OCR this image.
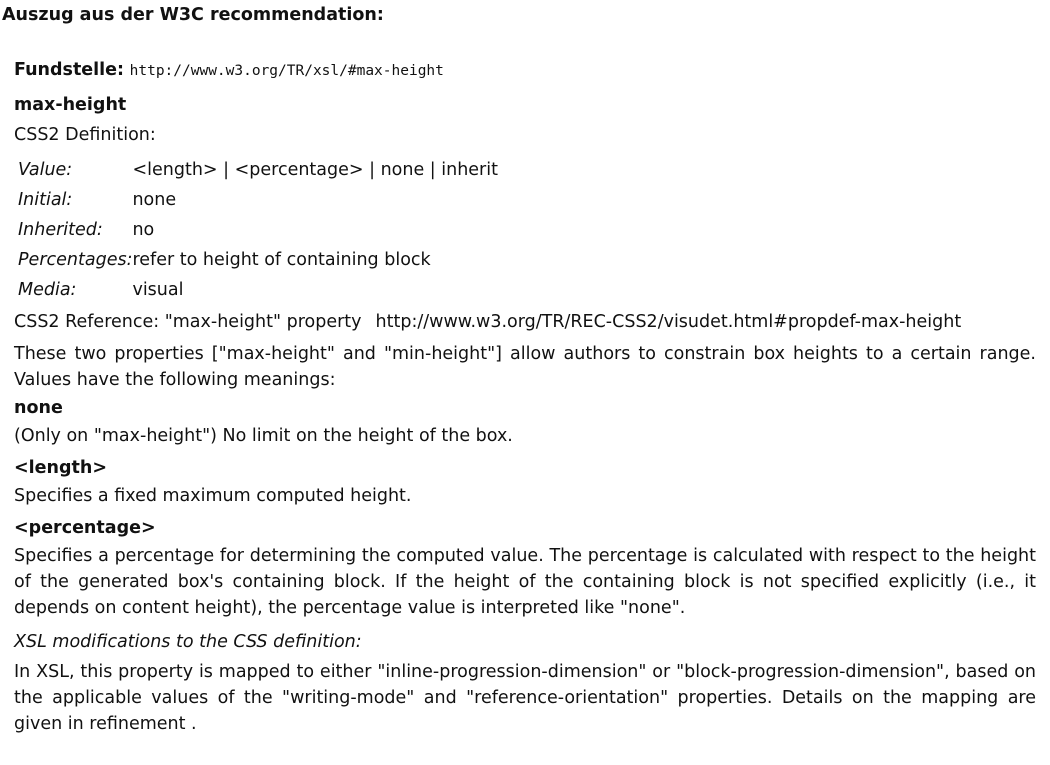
Auszug aus der W3C recommendation:
Fundstelle: http://www.w3.org/TR/xsl/#max-height
max-height
CSS2 Definition:
Value:	<length> | <percentage> | none | inherit
Initial:	none
Inherited:	no
Percentages:	refer to height of containing block
Media:	visual
CSS2 Reference: "max-height" property http://www.w3.org/TR/REC-CSS2/visudet.html#propdef-max-height
These two properties ["max-height" and "min-height"] allow authors to constrain box heights to a certain range. Values have the following meanings:
none
(Only on "max-height") No limit on the height of the box.
<length>
Specifies a fixed maximum computed height.
<percentage>
Specifies a percentage for determining the computed value. The percentage is calculated with respect to the height of the generated box's containing block. If the height of the containing block is not specified explicitly (i.e., it depends on content height), the percentage value is interpreted like "none".
XSL modifications to the CSS definition:
In XSL, this property is mapped to either "inline-progression-dimension" or "block-progression-dimension", based on the applicable values of the "writing-mode" and "reference-orientation" properties. Details on the mapping are given in refinement .
